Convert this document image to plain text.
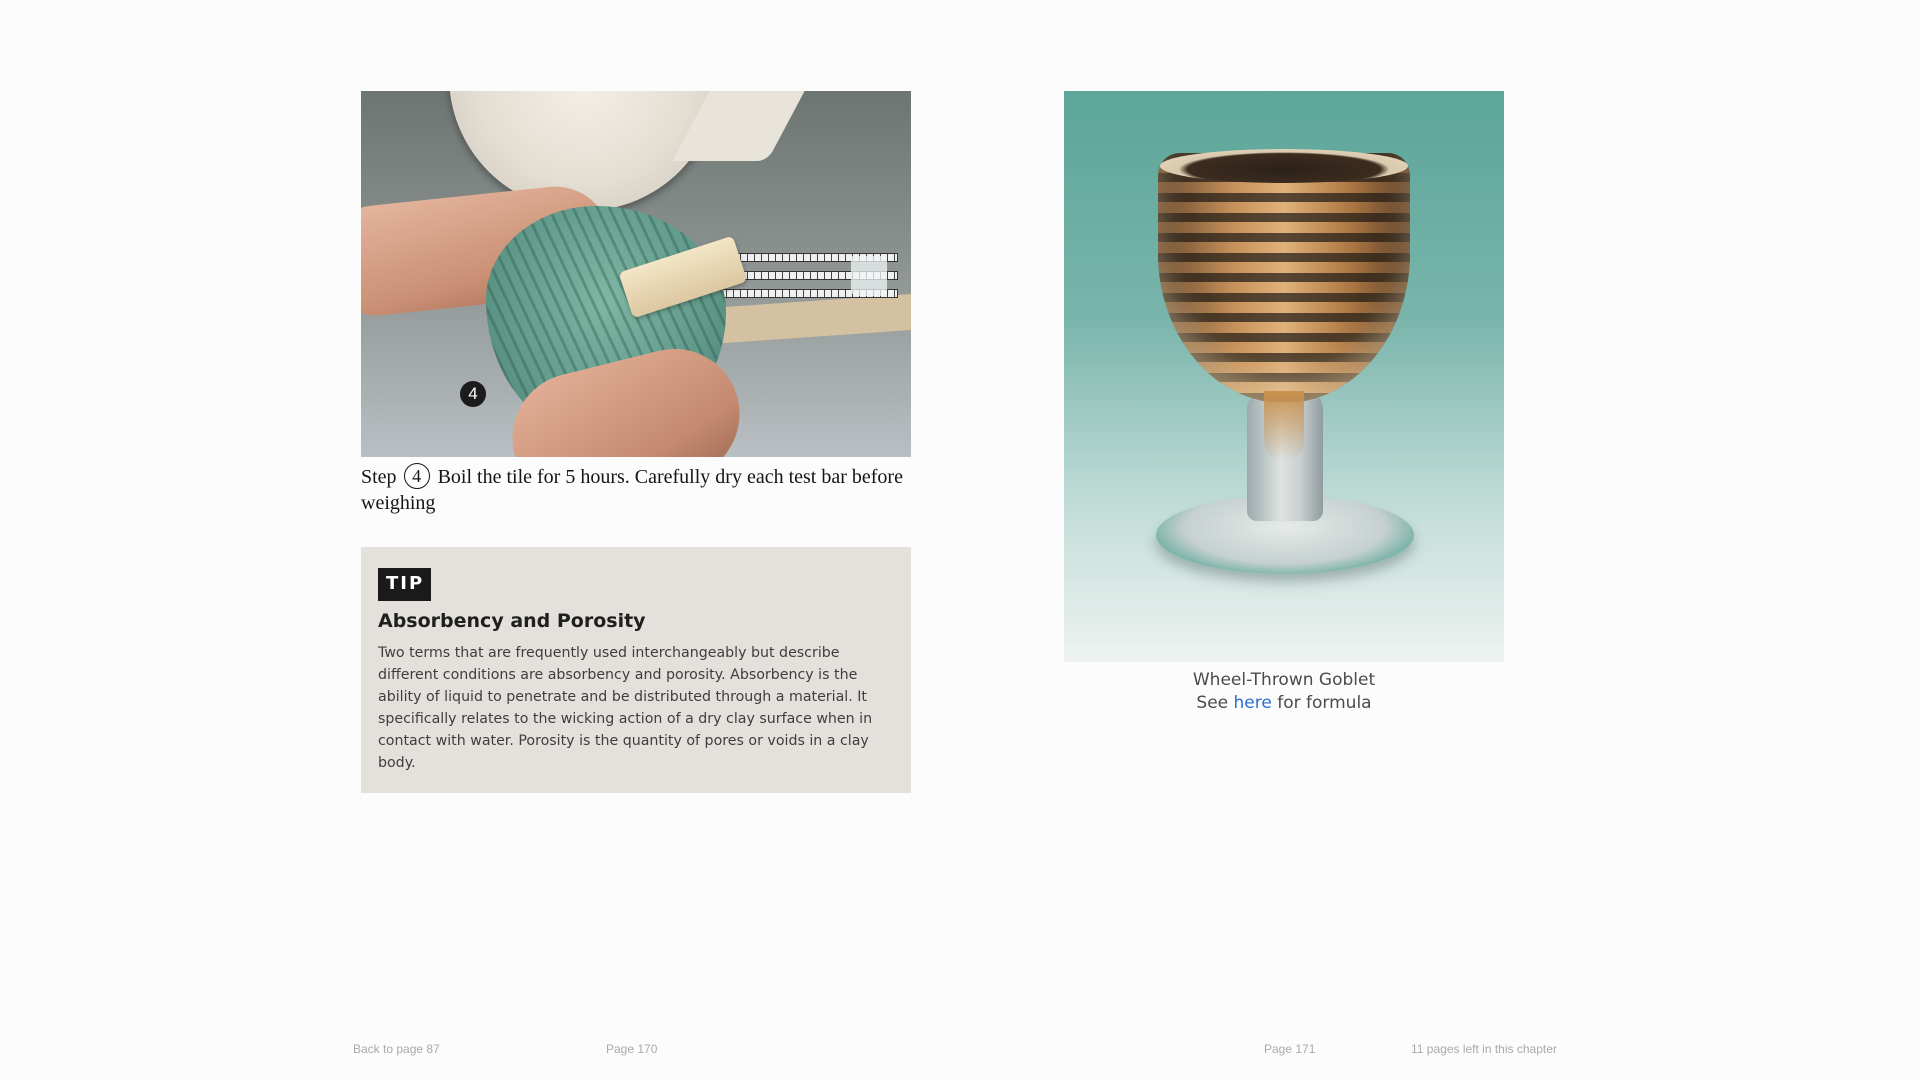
4
Step 4 Boil the tile for 5 hours. Carefully dry each test bar before weighing
TIP
Absorbency and Porosity
Two terms that are frequently used interchangeably but describe different conditions are absorbency and porosity. Absorbency is the ability of liquid to penetrate and be distributed through a material. It specifically relates to the wicking action of a dry clay surface when in contact with water. Porosity is the quantity of pores or voids in a clay body.
Wheel-Thrown Goblet
See here for formula
Back to page 87	Page 170	Page 171	11 pages left in this chapter
